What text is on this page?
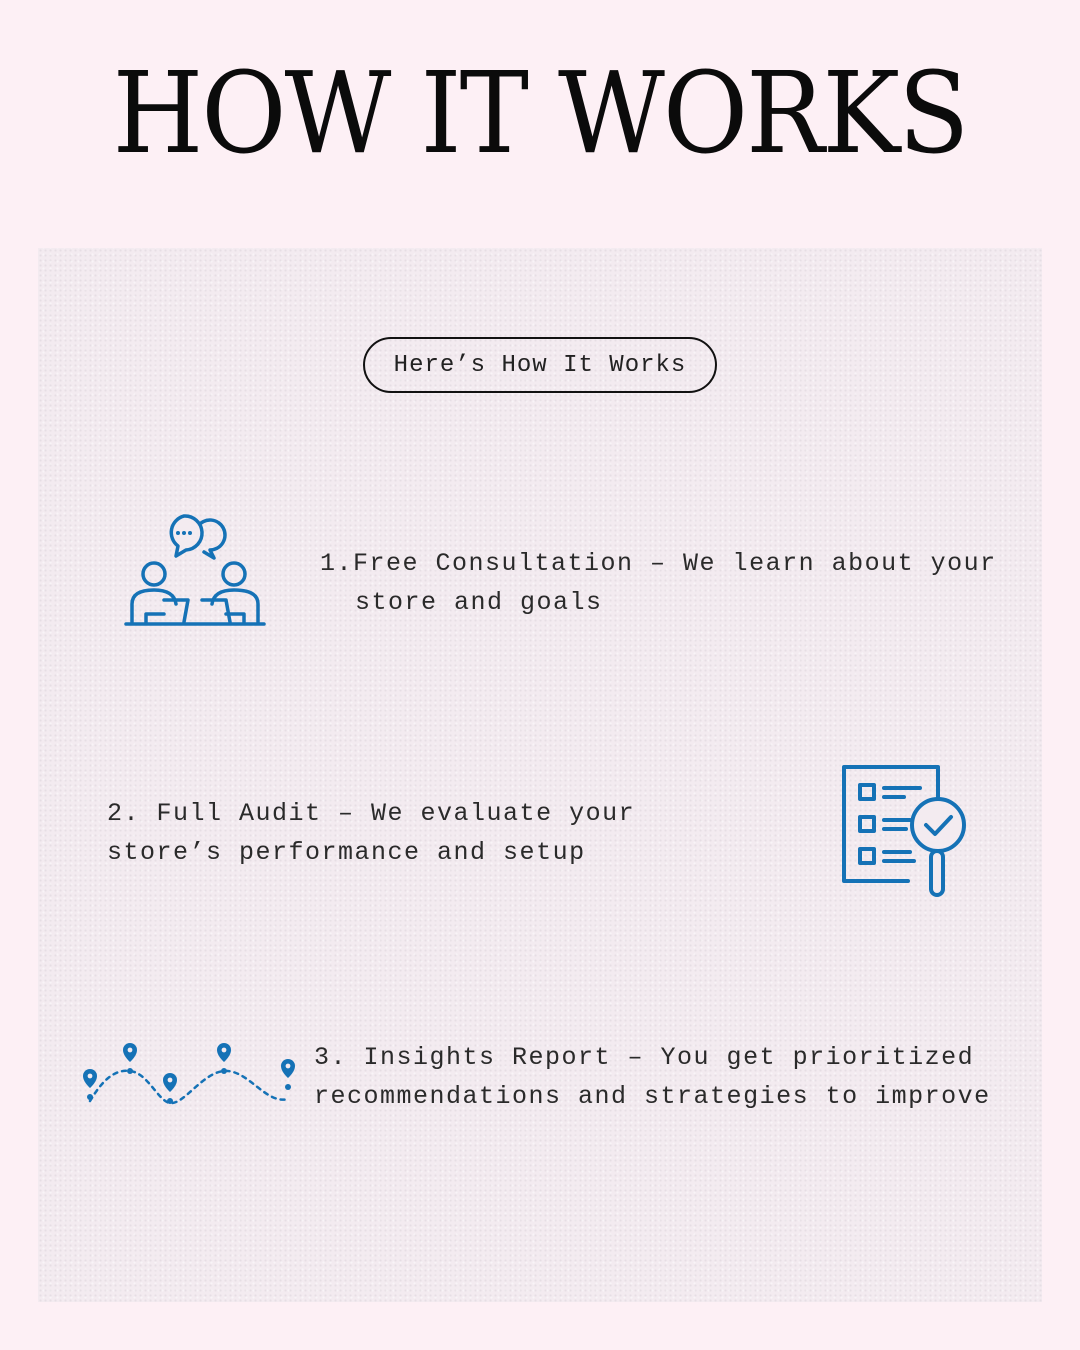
HOW IT WORKS
Here’s How It Works

1.Free Consultation – We learn about your store and goals

2. Full Audit – We evaluate your store’s performance and setup

3. Insights Report – You get prioritized recommendations and strategies to improve
